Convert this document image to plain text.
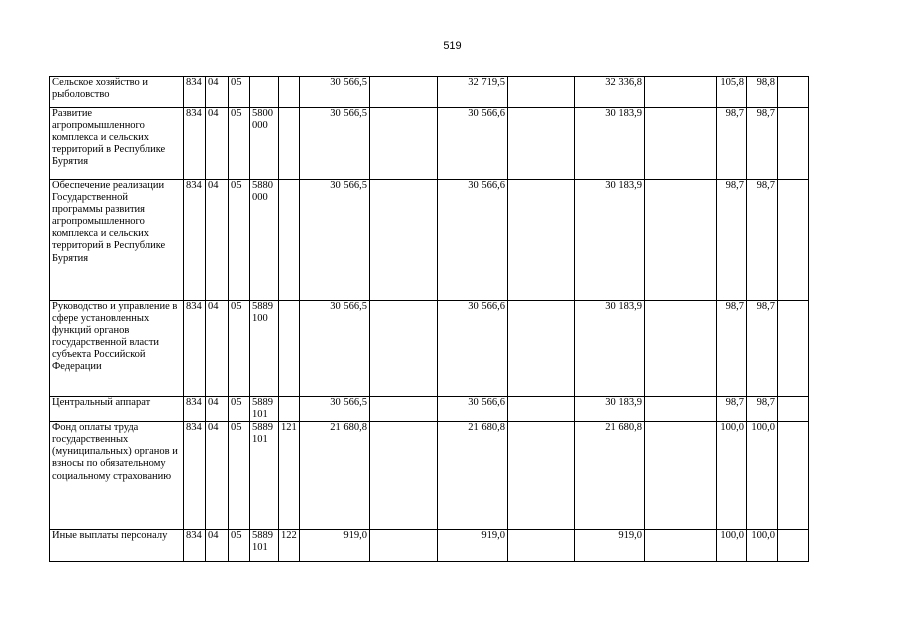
519
Сельское хозяйство и рыболовство	834	04	05			30 566,5		32 719,5		32 336,8		105,8	98,8	
Развитие агропромышленного комплекса и сельских территорий в Республике Бурятия	834	04	05	5800 000		30 566,5		30 566,6		30 183,9		98,7	98,7	
Обеспечение реализации Государственной программы развития агропромышленного комплекса и сельских территорий в Республике Бурятия	834	04	05	5880 000		30 566,5		30 566,6		30 183,9		98,7	98,7	
Руководство и управление в сфере установленных функций органов государственной власти субъекта Российской Федерации	834	04	05	5889 100		30 566,5		30 566,6		30 183,9		98,7	98,7	
Центральный аппарат	834	04	05	5889 101		30 566,5		30 566,6		30 183,9		98,7	98,7	
Фонд оплаты труда государственных (муниципальных) органов и взносы по обязательному социальному страхованию	834	04	05	5889 101	121	21 680,8		21 680,8		21 680,8		100,0	100,0	
Иные выплаты персоналу	834	04	05	5889 101	122	919,0		919,0		919,0		100,0	100,0	
